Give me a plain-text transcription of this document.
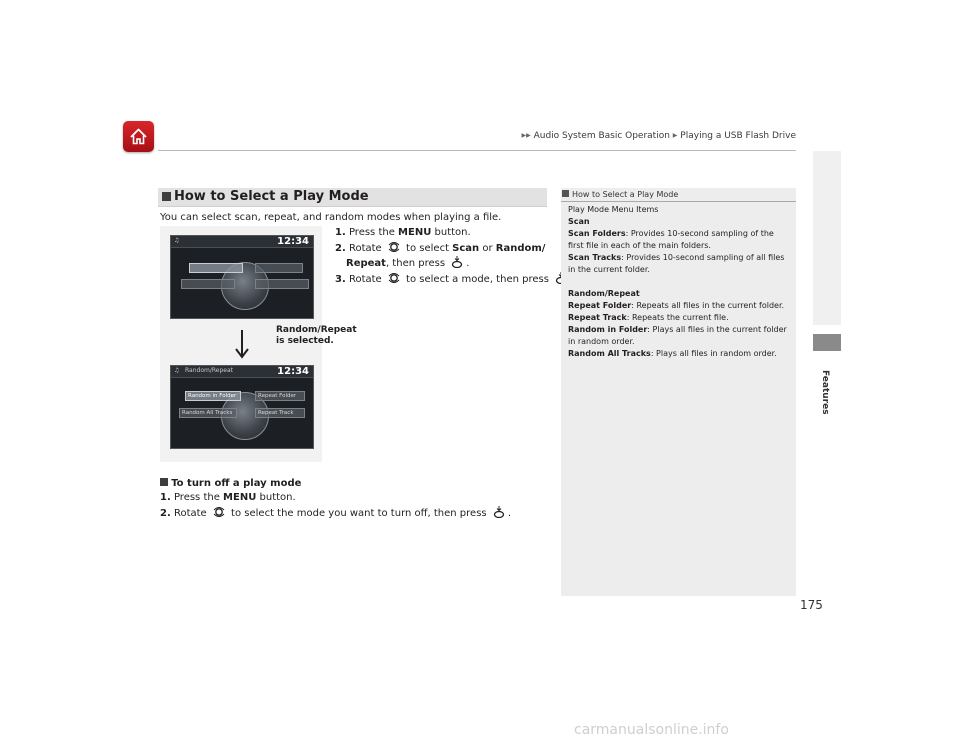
▶▶ Audio System Basic Operation ▶ Playing a USB Flash Drive
Features
How to Select a Play Mode
You can select scan, repeat, and random modes when playing a file.
1. Press the MENU button.
2. Rotate  to select Scan or Random/
Repeat, then press .
3. Rotate  to select a mode, then press
♫	12:34
♫ Random/Repeat	12:34
Random in Folder	Repeat Folder
Random All Tracks	Repeat Track
Random/Repeat
is selected.
To turn off a play mode
1. Press the MENU button.
2. Rotate  to select the mode you want to turn off, then press .
How to Select a Play Mode

Play Mode Menu Items

Scan

Scan Folders: Provides 10-second sampling of the

first file in each of the main folders.

Scan Tracks: Provides 10-second sampling of all files

in the current folder.

Random/Repeat

Repeat Folder: Repeats all files in the current folder.

Repeat Track: Repeats the current file.

Random in Folder: Plays all files in the current folder

in random order.

Random All Tracks: Plays all files in random order.

175
carmanualsonline.info
